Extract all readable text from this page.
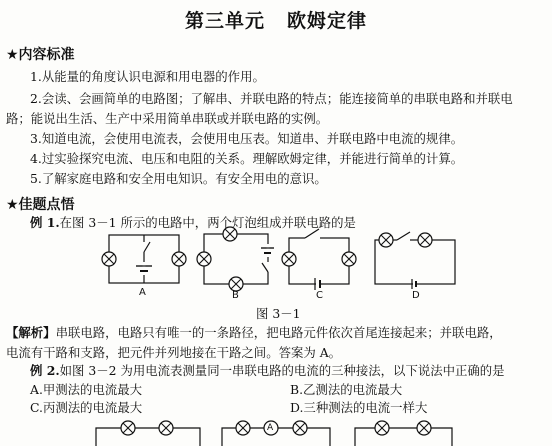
第三单元 欧姆定律
★内容标准
1.从能量的角度认识电源和用电器的作用。
2.会读、会画简单的电路图；了解串、并联电路的特点；能连接简单的串联电路和并联电
路；能说出生活、生产中采用简单串联或并联电路的实例。
3.知道电流，会使用电流表，会使用电压表。知道串、并联电路中电流的规律。
4.过实验探究电流、电压和电阻的关系。理解欧姆定律，并能进行简单的计算。
5.了解家庭电路和安全用电知识。有安全用电的意识。
★佳题点悟
例 1.在图 3－1 所示的电路中，两个灯泡组成并联电路的是
A	B	C	D
A
图 3－1
【解析】串联电路，电路只有唯一的一条路径，把电路元件依次首尾连接起来；并联电路，
电流有干路和支路，把元件并列地接在干路之间。答案为 A。
例 2.如图 3－2 为用电流表测量同一串联电路的电流的三种接法，以下说法中正确的是
A.甲测法的电流最大	B.乙测法的电流最大
C.丙测法的电流最大	D.三种测法的电流一样大
